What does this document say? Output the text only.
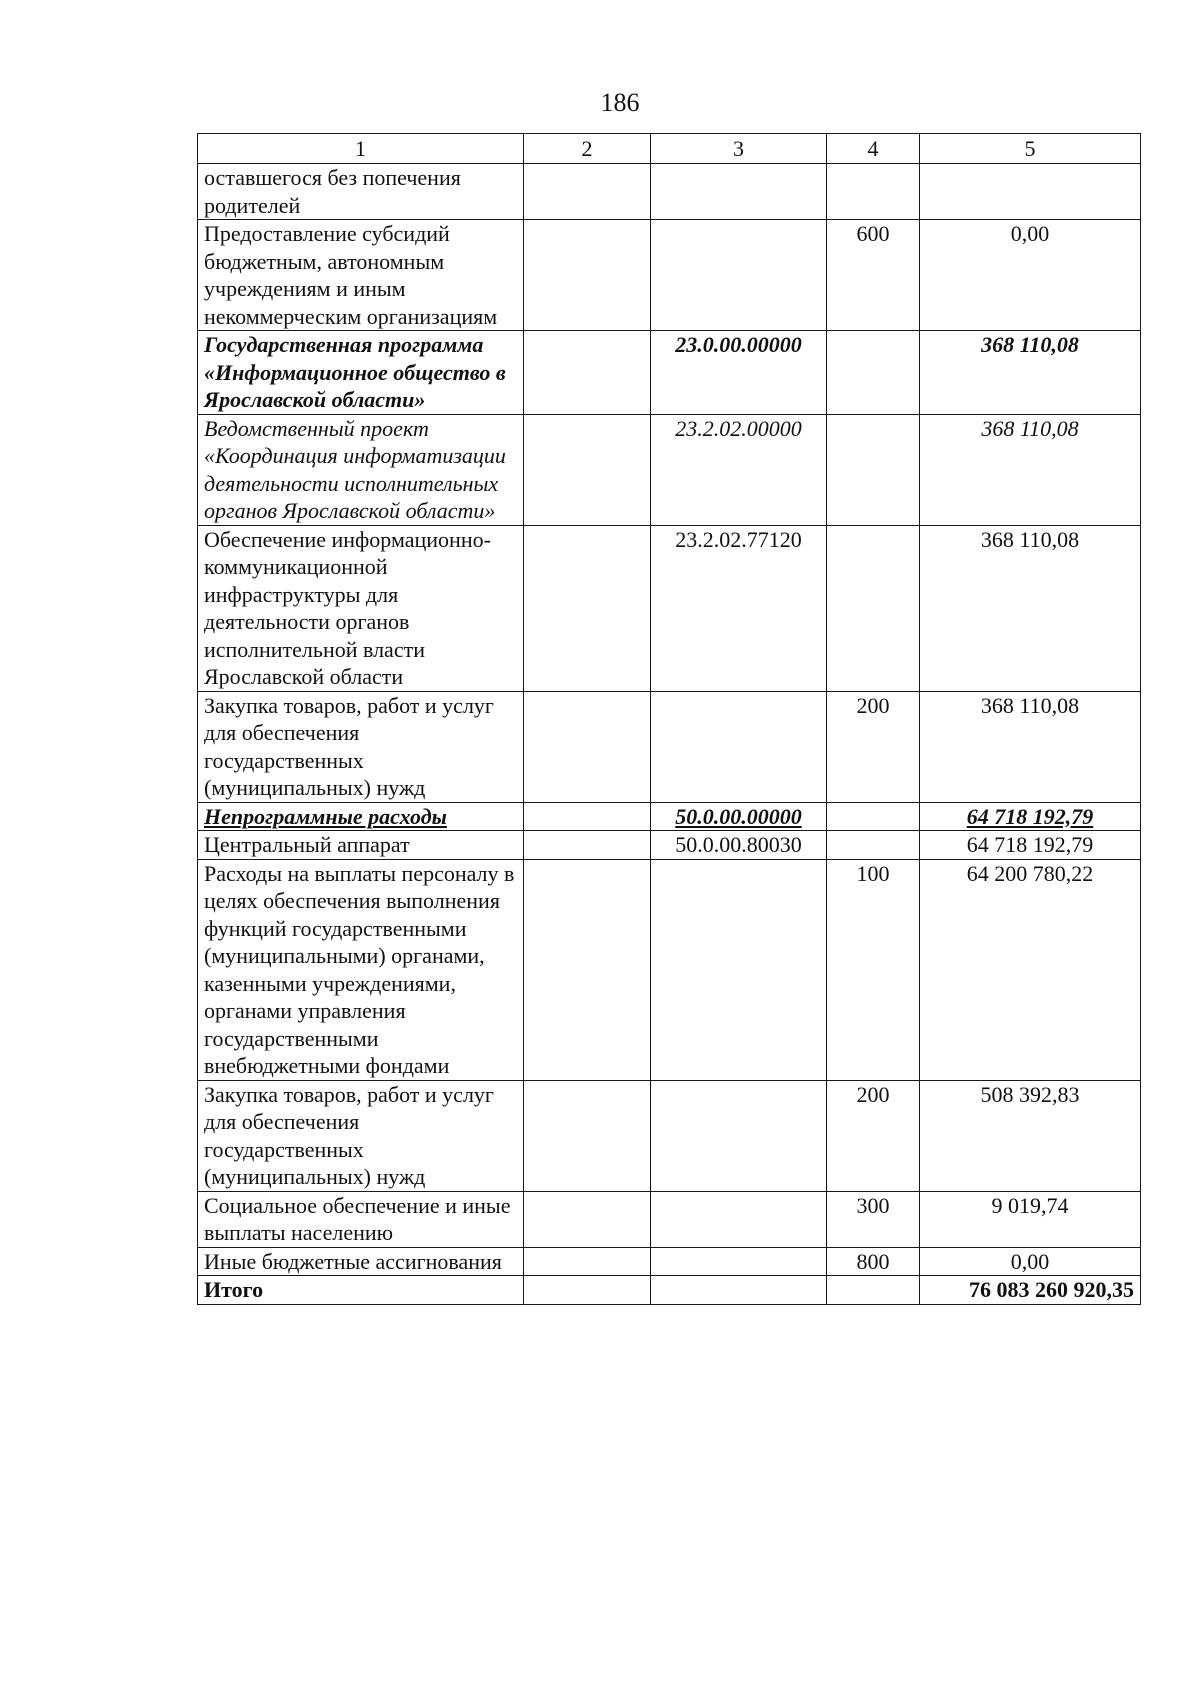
186
1	2	3	4	5
оставшегося без попечения родителей				
Предоставление субсидий бюджетным, автономным учреждениям и иным некоммерческим организациям			600	0,00
Государственная программа «Информационное общество в Ярославской области»		23.0.00.00000		368 110,08
Ведомственный проект «Координация информатизации деятельности исполнительных органов Ярославской области»		23.2.02.00000		368 110,08
Обеспечение информационно-коммуникационной инфраструктуры для деятельности органов исполнительной власти Ярославской области		23.2.02.77120		368 110,08
Закупка товаров, работ и услуг для обеспечения государственных (муниципальных) нужд			200	368 110,08
Непрограммные расходы		50.0.00.00000		64 718 192,79
Центральный аппарат		50.0.00.80030		64 718 192,79
Расходы на выплаты персоналу в целях обеспечения выполнения функций государственными (муниципальными) органами, казенными учреждениями, органами управления государственными внебюджетными фондами			100	64 200 780,22
Закупка товаров, работ и услуг для обеспечения государственных (муниципальных) нужд			200	508 392,83
Социальное обеспечение и иные выплаты населению			300	9 019,74
Иные бюджетные ассигнования			800	0,00
Итого				76 083 260 920,35
